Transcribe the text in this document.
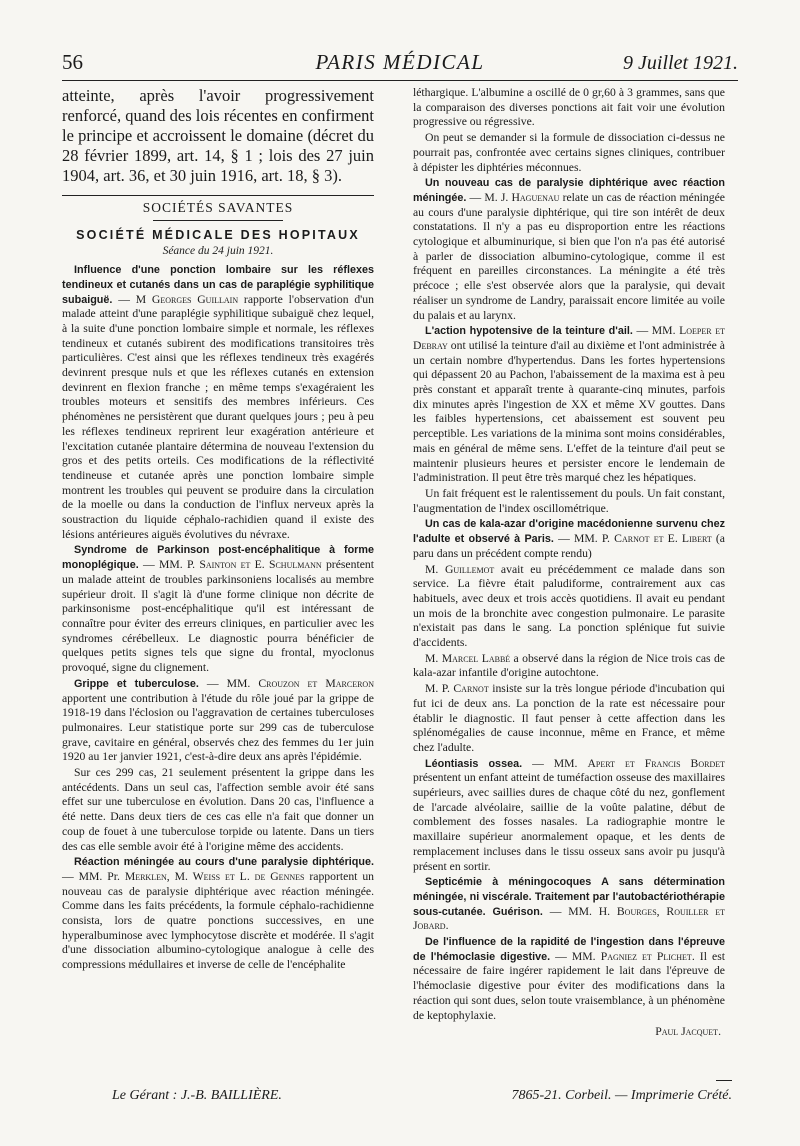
56	PARIS MÉDICAL	9 Juillet 1921.

atteinte, après l'avoir progressivement renforcé, quand des lois récentes en confirment le principe et accroissent le domaine (décret du 28 février 1899, art. 14, § 1 ; lois des 27 juin 1904, art. 36, et 30 juin 1916, art. 18, § 3).

SOCIÉTÉS SAVANTES
SOCIÉTÉ MÉDICALE DES HOPITAUX
Séance du 24 juin 1921.

Influence d'une ponction lombaire sur les réflexes tendineux et cutanés dans un cas de paraplégie syphilitique subaiguë. — M Georges Guillain rapporte l'observation d'un malade atteint d'une paraplégie syphilitique subaiguë chez lequel, à la suite d'une ponction lombaire simple et normale, les réflexes tendineux et cutanés subirent des modifications transitoires très particulières. C'est ainsi que les réflexes tendineux très exagérés devinrent presque nuls et que les réflexes cutanés en extension devinrent en flexion franche ; en même temps s'exagéraient les troubles moteurs et sensitifs des membres inférieurs. Ces phénomènes ne persistèrent que durant quelques jours ; peu à peu les réflexes tendineux reprirent leur exagération antérieure et l'excitation cutanée plantaire détermina de nouveau l'extension du gros et des petits orteils. Ces modifications de la réflectivité tendineuse et cutanée après une ponction lombaire simple montrent les troubles qui peuvent se produire dans la circulation de la moelle ou dans la conduction de l'influx nerveux après la soustraction du liquide céphalo-rachidien quand il existe des lésions antérieures aiguës évolutives du névraxe.

Syndrome de Parkinson post-encéphalitique à forme monoplégique. — MM. P. Sainton et E. Schulmann présentent un malade atteint de troubles parkinsoniens localisés au membre supérieur droit. Il s'agit là d'une forme clinique non décrite de parkinsonisme post-encéphalitique qu'il est intéressant de connaître pour éviter des erreurs cliniques, en particulier avec les syndromes cérébelleux. Le diagnostic pourra bénéficier de quelques petits signes tels que signe du frontal, myoclonus provoqué, signe du clignement.

Grippe et tuberculose. — MM. Crouzon et Marceron apportent une contribution à l'étude du rôle joué par la grippe de 1918-19 dans l'éclosion ou l'aggravation de certaines tuberculoses pulmonaires. Leur statistique porte sur 299 cas de tuberculose grave, cavitaire en général, observés chez des femmes du 1er juin 1920 au 1er janvier 1921, c'est-à-dire deux ans après l'épidémie.

Sur ces 299 cas, 21 seulement présentent la grippe dans les antécédents. Dans un seul cas, l'affection semble avoir été sans effet sur une tuberculose en évolution. Dans 20 cas, l'influence a été nette. Dans deux tiers de ces cas elle n'a fait que donner un coup de fouet à une tuberculose torpide ou latente. Dans un tiers des cas elle semble avoir été à l'origine même des accidents.

Réaction méningée au cours d'une paralysie diphtérique. — MM. Pr. Merklen, M. Weiss et L. de Gennes rapportent un nouveau cas de paralysie diphtérique avec réaction méningée. Comme dans les faits précédents, la formule céphalo-rachidienne consista, lors de quatre ponctions successives, en une hyperalbuminose avec lymphocytose discrète et modérée. Il s'agit d'une dissociation albumino-cytologique analogue à celle des compressions médullaires et inverse de celle de l'encéphalite

léthargique. L'albumine a oscillé de 0 gr,60 à 3 grammes, sans que la comparaison des diverses ponctions ait fait voir une évolution progressive ou régressive.

On peut se demander si la formule de dissociation ci-dessus ne pourrait pas, confrontée avec certains signes cliniques, contribuer à dépister les diphtéries méconnues.

Un nouveau cas de paralysie diphtérique avec réaction méningée. — M. J. Haguenau relate un cas de réaction méningée au cours d'une paralysie diphtérique, qui tire son intérêt de deux constatations. Il n'y a pas eu disproportion entre les réactions cytologique et albuminurique, si bien que l'on n'a pas été autorisé à parler de dissociation albumino-cytologique, comme il est fréquent en pareilles circonstances. La méningite a été très précoce ; elle s'est observée alors que la paralysie, qui devait réaliser un syndrome de Landry, paraissait encore limitée au voile du palais et au larynx.

L'action hypotensive de la teinture d'ail. — MM. Loeper et Debray ont utilisé la teinture d'ail au dixième et l'ont administrée à un certain nombre d'hypertendus. Dans les fortes hypertensions qui dépassent 20 au Pachon, l'abaissement de la maxima est à peu près constant et apparaît trente à quarante-cinq minutes, parfois dix minutes après l'ingestion de XX et même XV gouttes. Dans les faibles hypertensions, cet abaissement est souvent peu perceptible. Les variations de la minima sont moins considérables, mais en général de même sens. L'effet de la teinture d'ail peut se maintenir plusieurs heures et persister encore le lendemain de l'administration. Il peut être très marqué chez les hépatiques.

Un fait fréquent est le ralentissement du pouls. Un fait constant, l'augmentation de l'index oscillométrique.

Un cas de kala-azar d'origine macédonienne survenu chez l'adulte et observé à Paris. — MM. P. Carnot et E. Libert (a paru dans un précédent compte rendu)

M. Guillemot avait eu précédemment ce malade dans son service. La fièvre était paludiforme, contrairement aux cas habituels, avec deux et trois accès quotidiens. Il avait eu pendant un mois de la bronchite avec congestion pulmonaire. Le parasite n'existait pas dans le sang. La ponction splénique fut suivie d'accidents.

M. Marcel Labbé a observé dans la région de Nice trois cas de kala-azar infantile d'origine autochtone.

M. P. Carnot insiste sur la très longue période d'incubation qui fut ici de deux ans. La ponction de la rate est nécessaire pour établir le diagnostic. Il faut penser à cette affection dans les splénomégalies de cause inconnue, même en France, et même chez l'adulte.

Léontiasis ossea. — MM. Apert et Francis Bordet présentent un enfant atteint de tuméfaction osseuse des maxillaires supérieurs, avec saillies dures de chaque côté du nez, gonflement de l'arcade alvéolaire, saillie de la voûte palatine, début de comblement des fosses nasales. La radiographie montre le maxillaire supérieur anormalement opaque, et les dents de remplacement incluses dans le tissu osseux sans avoir pu jusqu'à présent en sortir.

Septicémie à méningocoques A sans détermination méningée, ni viscérale. Traitement par l'autobactériothérapie sous-cutanée. Guérison. — MM. H. Bourges, Rouiller et Jobard.

De l'influence de la rapidité de l'ingestion dans l'épreuve de l'hémoclasie digestive. — MM. Pagniez et Plichet. Il est nécessaire de faire ingérer rapidement le lait dans l'épreuve de l'hémoclasie digestive pour éviter des modifications dans la réaction qui sont dues, selon toute vraisemblance, à un phénomène de keptophylaxie.

Paul Jacquet.
Le Gérant : J.-B. BAILLIÈRE.	7865-21. Corbeil. — Imprimerie Crété.
